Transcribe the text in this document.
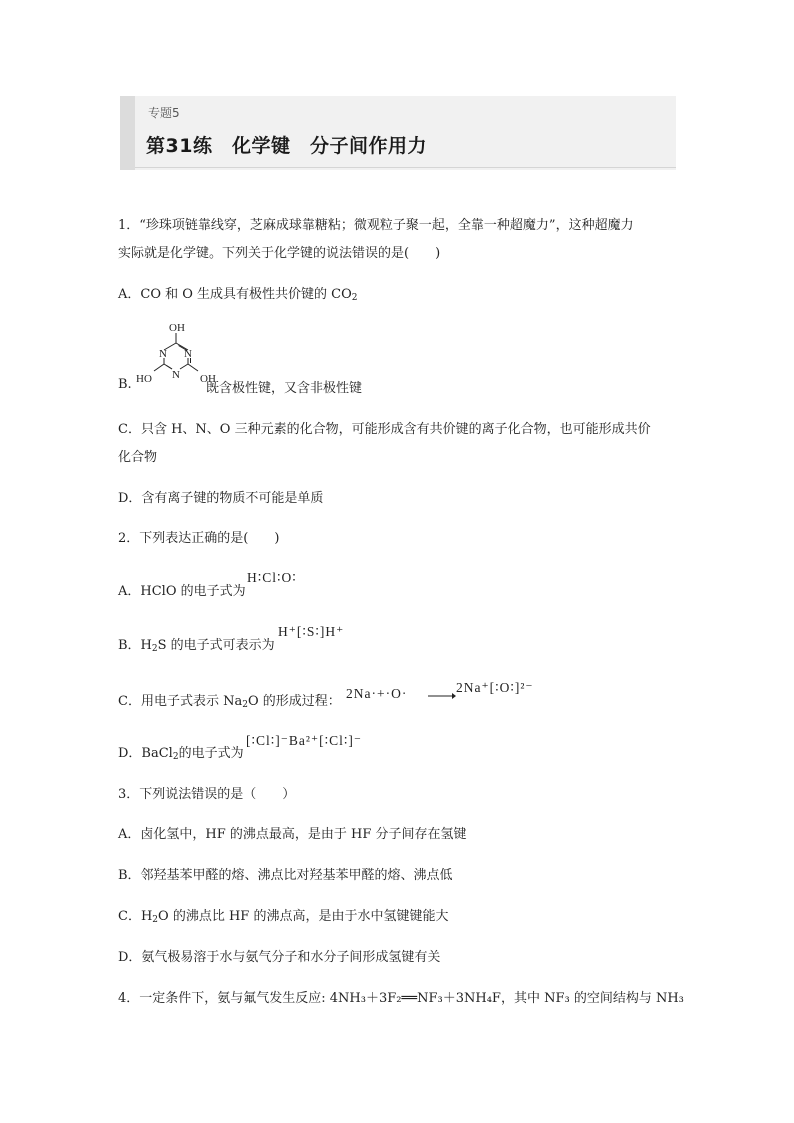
专题5
第31练　化学键　分子间作用力
1．“珍珠项链靠线穿，芝麻成球靠糖粘；微观粒子聚一起，全靠一种超魔力”，这种超魔力
实际就是化学键。下列关于化学键的说法错误的是(　　)
A．CO 和 O 生成具有极性共价键的 $CO_2$
OH
N N
N
HO	OH
B.	既含极性键，又含非极性键
C．只含 H、N、O 三种元素的化合物，可能形成含有共价键的离子化合物，也可能形成共价
化合物
D．含有离子键的物质不可能是单质
2．下列表达正确的是(　　)
A．HClO 的电子式为
H∶Cl∶O∶
B．$H_2S$ 的电子式可表示为
H⁺[∶S∶]H⁺
C．用电子式表示 $Na_2O$ 的形成过程：
2Na·+·O· →
2Na⁺[∶O∶]²⁻
D．BaCl$_2$的电子式为
[∶Cl∶]⁻Ba²⁺[∶Cl∶]⁻
3．下列说法错误的是（　　）
A．卤化氢中，HF 的沸点最高，是由于 HF 分子间存在氢键
B．邻羟基苯甲醛的熔、沸点比对羟基苯甲醛的熔、沸点低
C．$H_2O$ 的沸点比 HF 的沸点高，是由于水中氢键键能大
D．氨气极易溶于水与氨气分子和水分子间形成氢键有关
4．一定条件下，氨与氟气发生反应: 4NH₃＋3F₂══NF₃＋3NH₄F，其中 NF₃ 的空间结构与 NH₃
